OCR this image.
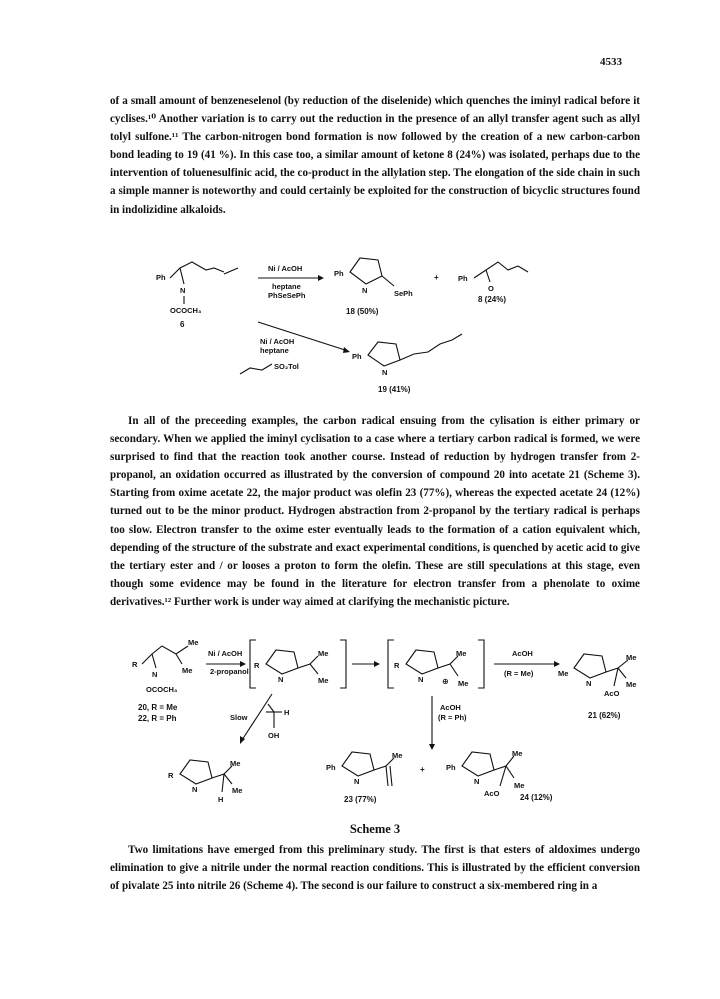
4533

of a small amount of benzeneselenol (by reduction of the diselenide) which quenches the iminyl radical before it cyclises.¹⁰ Another variation is to carry out the reduction in the presence of an allyl transfer agent such as allyl tolyl sulfone.¹¹ The carbon-nitrogen bond formation is now followed by the creation of a new carbon-carbon bond leading to 19 (41 %). In this case too, a similar amount of ketone 8 (24%) was isolated, perhaps due to the intervention of toluenesulfinic acid, the co-product in the allylation step. The elongation of the side chain in such a simple manner is noteworthy and could certainly be exploited for the construction of bicyclic structures found in indolizidine alkaloids.

Ph
N
OCOCH₃
6
Ni / AcOH
heptane
PhSeSePh
Ph
N	SePh
18 (50%)
+	Ph
O
8 (24%)
Ni / AcOH
heptane
SO₂Tol
Ph
N
19 (41%)
R
Me
Me
N
OCOCH₃
20, R = Me
22, R = Ph
Ni / AcOH
2-propanol
R
N
Me
Me
R
N
Me
Me
⊕
AcOH
(R = Me)	Me
N
Me
Me
AcO
21 (62%)
Slow
H
OH
AcOH
(R = Ph)
R
N
Me
Me
H
Ph
N
Me
23 (77%)
+	Ph
N
Me
Me
AcO	24 (12%)

In all of the preceeding examples, the carbon radical ensuing from the cylisation is either primary or secondary. When we applied the iminyl cyclisation to a case where a tertiary carbon radical is formed, we were surprised to find that the reaction took another course. Instead of reduction by hydrogen transfer from 2-propanol, an oxidation occurred as illustrated by the conversion of compound 20 into acetate 21 (Scheme 3). Starting from oxime acetate 22, the major product was olefin 23 (77%), whereas the expected acetate 24 (12%) turned out to be the minor product. Hydrogen abstraction from 2-propanol by the tertiary radical is perhaps too slow. Electron transfer to the oxime ester eventually leads to the formation of a cation equivalent which, depending of the structure of the substrate and exact experimental conditions, is quenched by acetic acid to give the tertiary ester and / or looses a proton to form the olefin. These are still speculations at this stage, even though some evidence may be found in the literature for electron transfer from a phenolate to oxime derivatives.¹² Further work is under way aimed at clarifying the mechanistic picture.

Scheme 3

Two limitations have emerged from this preliminary study. The first is that esters of aldoximes undergo elimination to give a nitrile under the normal reaction conditions. This is illustrated by the efficient conversion of pivalate 25 into nitrile 26 (Scheme 4). The second is our failure to construct a six-membered ring in a
